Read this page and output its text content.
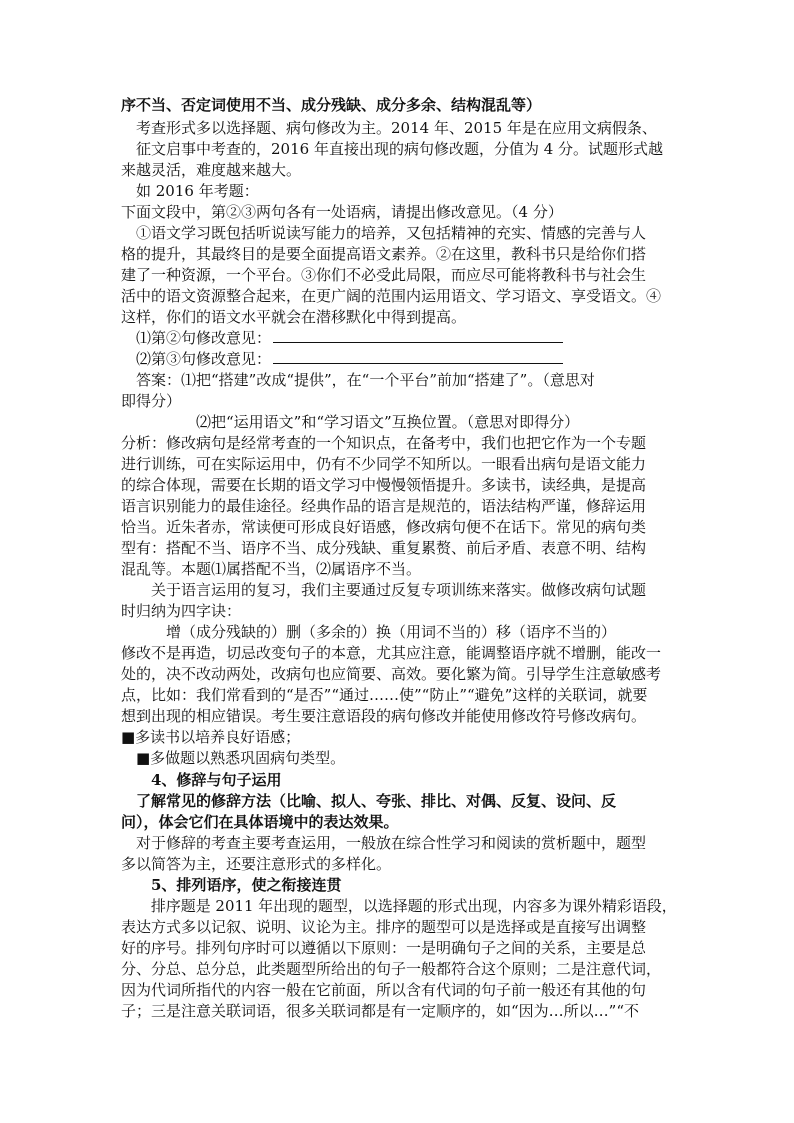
序不当、否定词使用不当、成分残缺、成分多余、结构混乱等）
　考查形式多以选择题、病句修改为主。2014 年、2015 年是在应用文病假条、
　征文启事中考查的，2016 年直接出现的病句修改题，分值为 4 分。试题形式越
来越灵活，难度越来越大。
　如 2016 年考题：
下面文段中，第②③两句各有一处语病，请提出修改意见。（4 分）
　①语文学习既包括听说读写能力的培养，又包括精神的充实、情感的完善与人
格的提升，其最终目的是要全面提高语文素养。②在这里，教科书只是给你们搭
建了一种资源，一个平台。③你们不必受此局限，而应尽可能将教科书与社会生
活中的语文资源整合起来，在更广阔的范围内运用语文、学习语文、享受语文。④
这样，你们的语文水平就会在潜移默化中得到提高。
　⑴第②句修改意见：
　⑵第③句修改意见：
　答案：⑴把“搭建”改成“提供”，在“一个平台”前加“搭建了”。（意思对
即得分）
　　　　　⑵把“运用语文”和“学习语文”互换位置。（意思对即得分）
分析：修改病句是经常考查的一个知识点，在备考中，我们也把它作为一个专题
进行训练，可在实际运用中，仍有不少同学不知所以。一眼看出病句是语文能力
的综合体现，需要在长期的语文学习中慢慢领悟提升。多读书，读经典，是提高
语言识别能力的最佳途径。经典作品的语言是规范的，语法结构严谨，修辞运用
恰当。近朱者赤，常读便可形成良好语感，修改病句便不在话下。常见的病句类
型有：搭配不当、语序不当、成分残缺、重复累赘、前后矛盾、表意不明、结构
混乱等。本题⑴属搭配不当，⑵属语序不当。
　　关于语言运用的复习，我们主要通过反复专项训练来落实。做修改病句试题
时归纳为四字诀：
　　　增（成分残缺的）删（多余的）换（用词不当的）移（语序不当的）
修改不是再造，切忌改变句子的本意，尤其应注意，能调整语序就不增删，能改一
处的，决不改动两处，改病句也应简要、高效。要化繁为简。引导学生注意敏感考
点，比如：我们常看到的“是否”“通过……使”“防止”“避免”这样的关联词，就要
想到出现的相应错误。考生要注意语段的病句修改并能使用修改符号修改病句。
■多读书以培养良好语感；
　■多做题以熟悉巩固病句类型。
　　4、修辞与句子运用
　了解常见的修辞方法（比喻、拟人、夸张、排比、对偶、反复、设问、反
问），体会它们在具体语境中的表达效果。
　对于修辞的考查主要考查运用，一般放在综合性学习和阅读的赏析题中，题型
多以简答为主，还要注意形式的多样化。
　　5、排列语序，使之衔接连贯
　　排序题是 2011 年出现的题型，以选择题的形式出现，内容多为课外精彩语段，
表达方式多以记叙、说明、议论为主。排序的题型可以是选择或是直接写出调整
好的序号。排列句序时可以遵循以下原则：一是明确句子之间的关系，主要是总
分、分总、总分总，此类题型所给出的句子一般都符合这个原则；二是注意代词，
因为代词所指代的内容一般在它前面，所以含有代词的句子前一般还有其他的句
子；三是注意关联词语，很多关联词都是有一定顺序的，如“因为…所以…”“不
